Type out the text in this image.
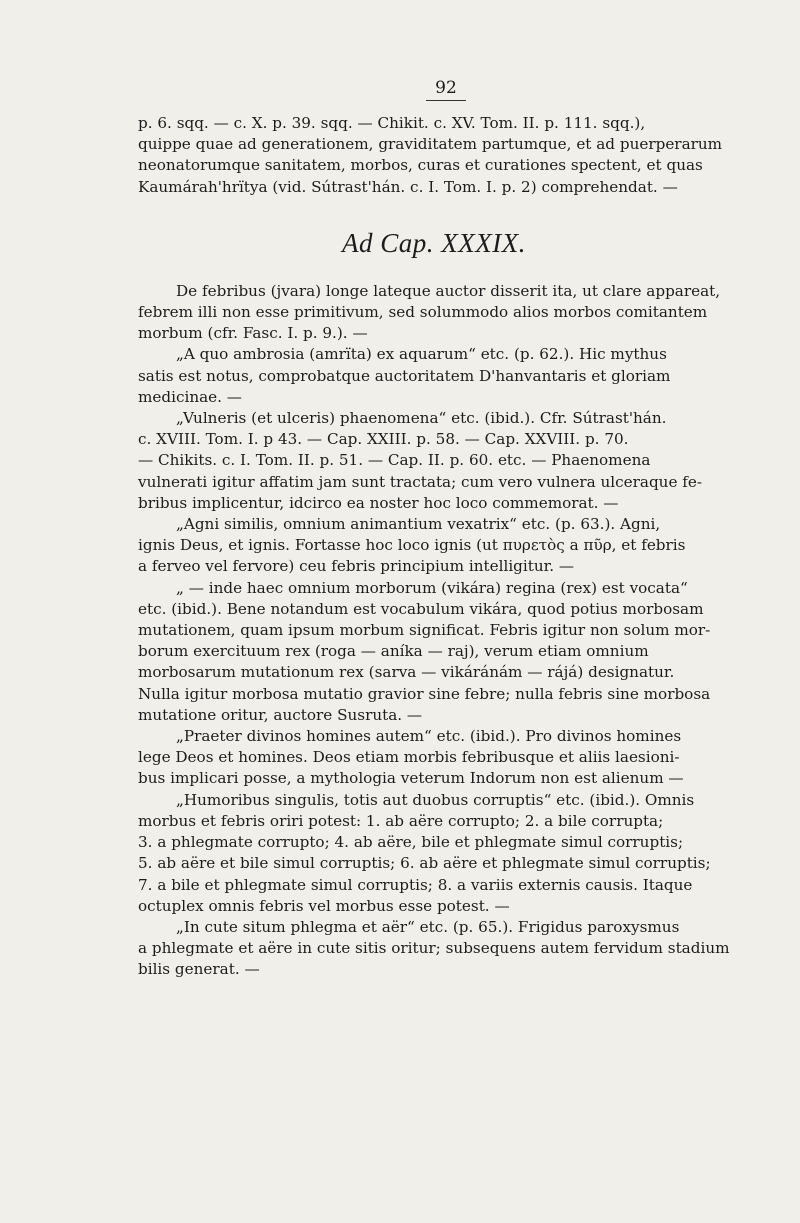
92

p. 6. sqq. — c. X. p. 39. sqq. — Chikit. c. XV. Tom. II. p. 111. sqq.),
quippe quae ad generationem, graviditatem partumque, et ad puerperarum
neonatorumque sanitatem, morbos, curas et curationes spectent, et quas
Kaumárah'hrïtya (vid. Sútrast'hán. c. I. Tom. I. p. 2) comprehendat. —

Ad Cap. XXXIX.

De febribus (jvara) longe lateque auctor disserit ita, ut clare appareat,
febrem illi non esse primitivum, sed solummodo alios morbos comitantem
morbum (cfr. Fasc. I. p. 9.). —

„A quo ambrosia (amrïta) ex aquarum“ etc. (p. 62.). Hic mythus
satis est notus, comprobatque auctoritatem D'hanvantaris et gloriam
medicinae. —

„Vulneris (et ulceris) phaenomena“ etc. (ibid.). Cfr. Sútrast'hán.
c. XVIII. Tom. I. p 43. — Cap. XXIII. p. 58. — Cap. XXVIII. p. 70.
— Chikits. c. I. Tom. II. p. 51. — Cap. II. p. 60. etc. — Phaenomena
vulnerati igitur affatim jam sunt tractata; cum vero vulnera ulceraque fe-
bribus implicentur, idcirco ea noster hoc loco commemorat. —

„Agni similis, omnium animantium vexatrix“ etc. (p. 63.). Agni,
ignis Deus, et ignis. Fortasse hoc loco ignis (ut πυρετὸς a πῦρ, et febris
a ferveo vel fervore) ceu febris principium intelligitur. —

„ — inde haec omnium morborum (vikára) regina (rex) est vocata“
etc. (ibid.). Bene notandum est vocabulum vikára, quod potius morbosam
mutationem, quam ipsum morbum significat. Febris igitur non solum mor-
borum exercituum rex (roga — aníka — raj), verum etiam omnium
morbosarum mutationum rex (sarva — vikáránám — rájá) designatur.
Nulla igitur morbosa mutatio gravior sine febre; nulla febris sine morbosa
mutatione oritur, auctore Susruta. —

„Praeter divinos homines autem“ etc. (ibid.). Pro divinos homines
lege Deos et homines. Deos etiam morbis febribusque et aliis laesioni-
bus implicari posse, a mythologia veterum Indorum non est alienum —

„Humoribus singulis, totis aut duobus corruptis“ etc. (ibid.). Omnis
morbus et febris oriri potest: 1. ab aëre corrupto; 2. a bile corrupta;
3. a phlegmate corrupto; 4. ab aëre, bile et phlegmate simul corruptis;
5. ab aëre et bile simul corruptis; 6. ab aëre et phlegmate simul corruptis;
7. a bile et phlegmate simul corruptis; 8. a variis externis causis. Itaque
octuplex omnis febris vel morbus esse potest. —

„In cute situm phlegma et aër“ etc. (p. 65.). Frigidus paroxysmus
a phlegmate et aëre in cute sitis oritur; subsequens autem fervidum stadium
bilis generat. —
